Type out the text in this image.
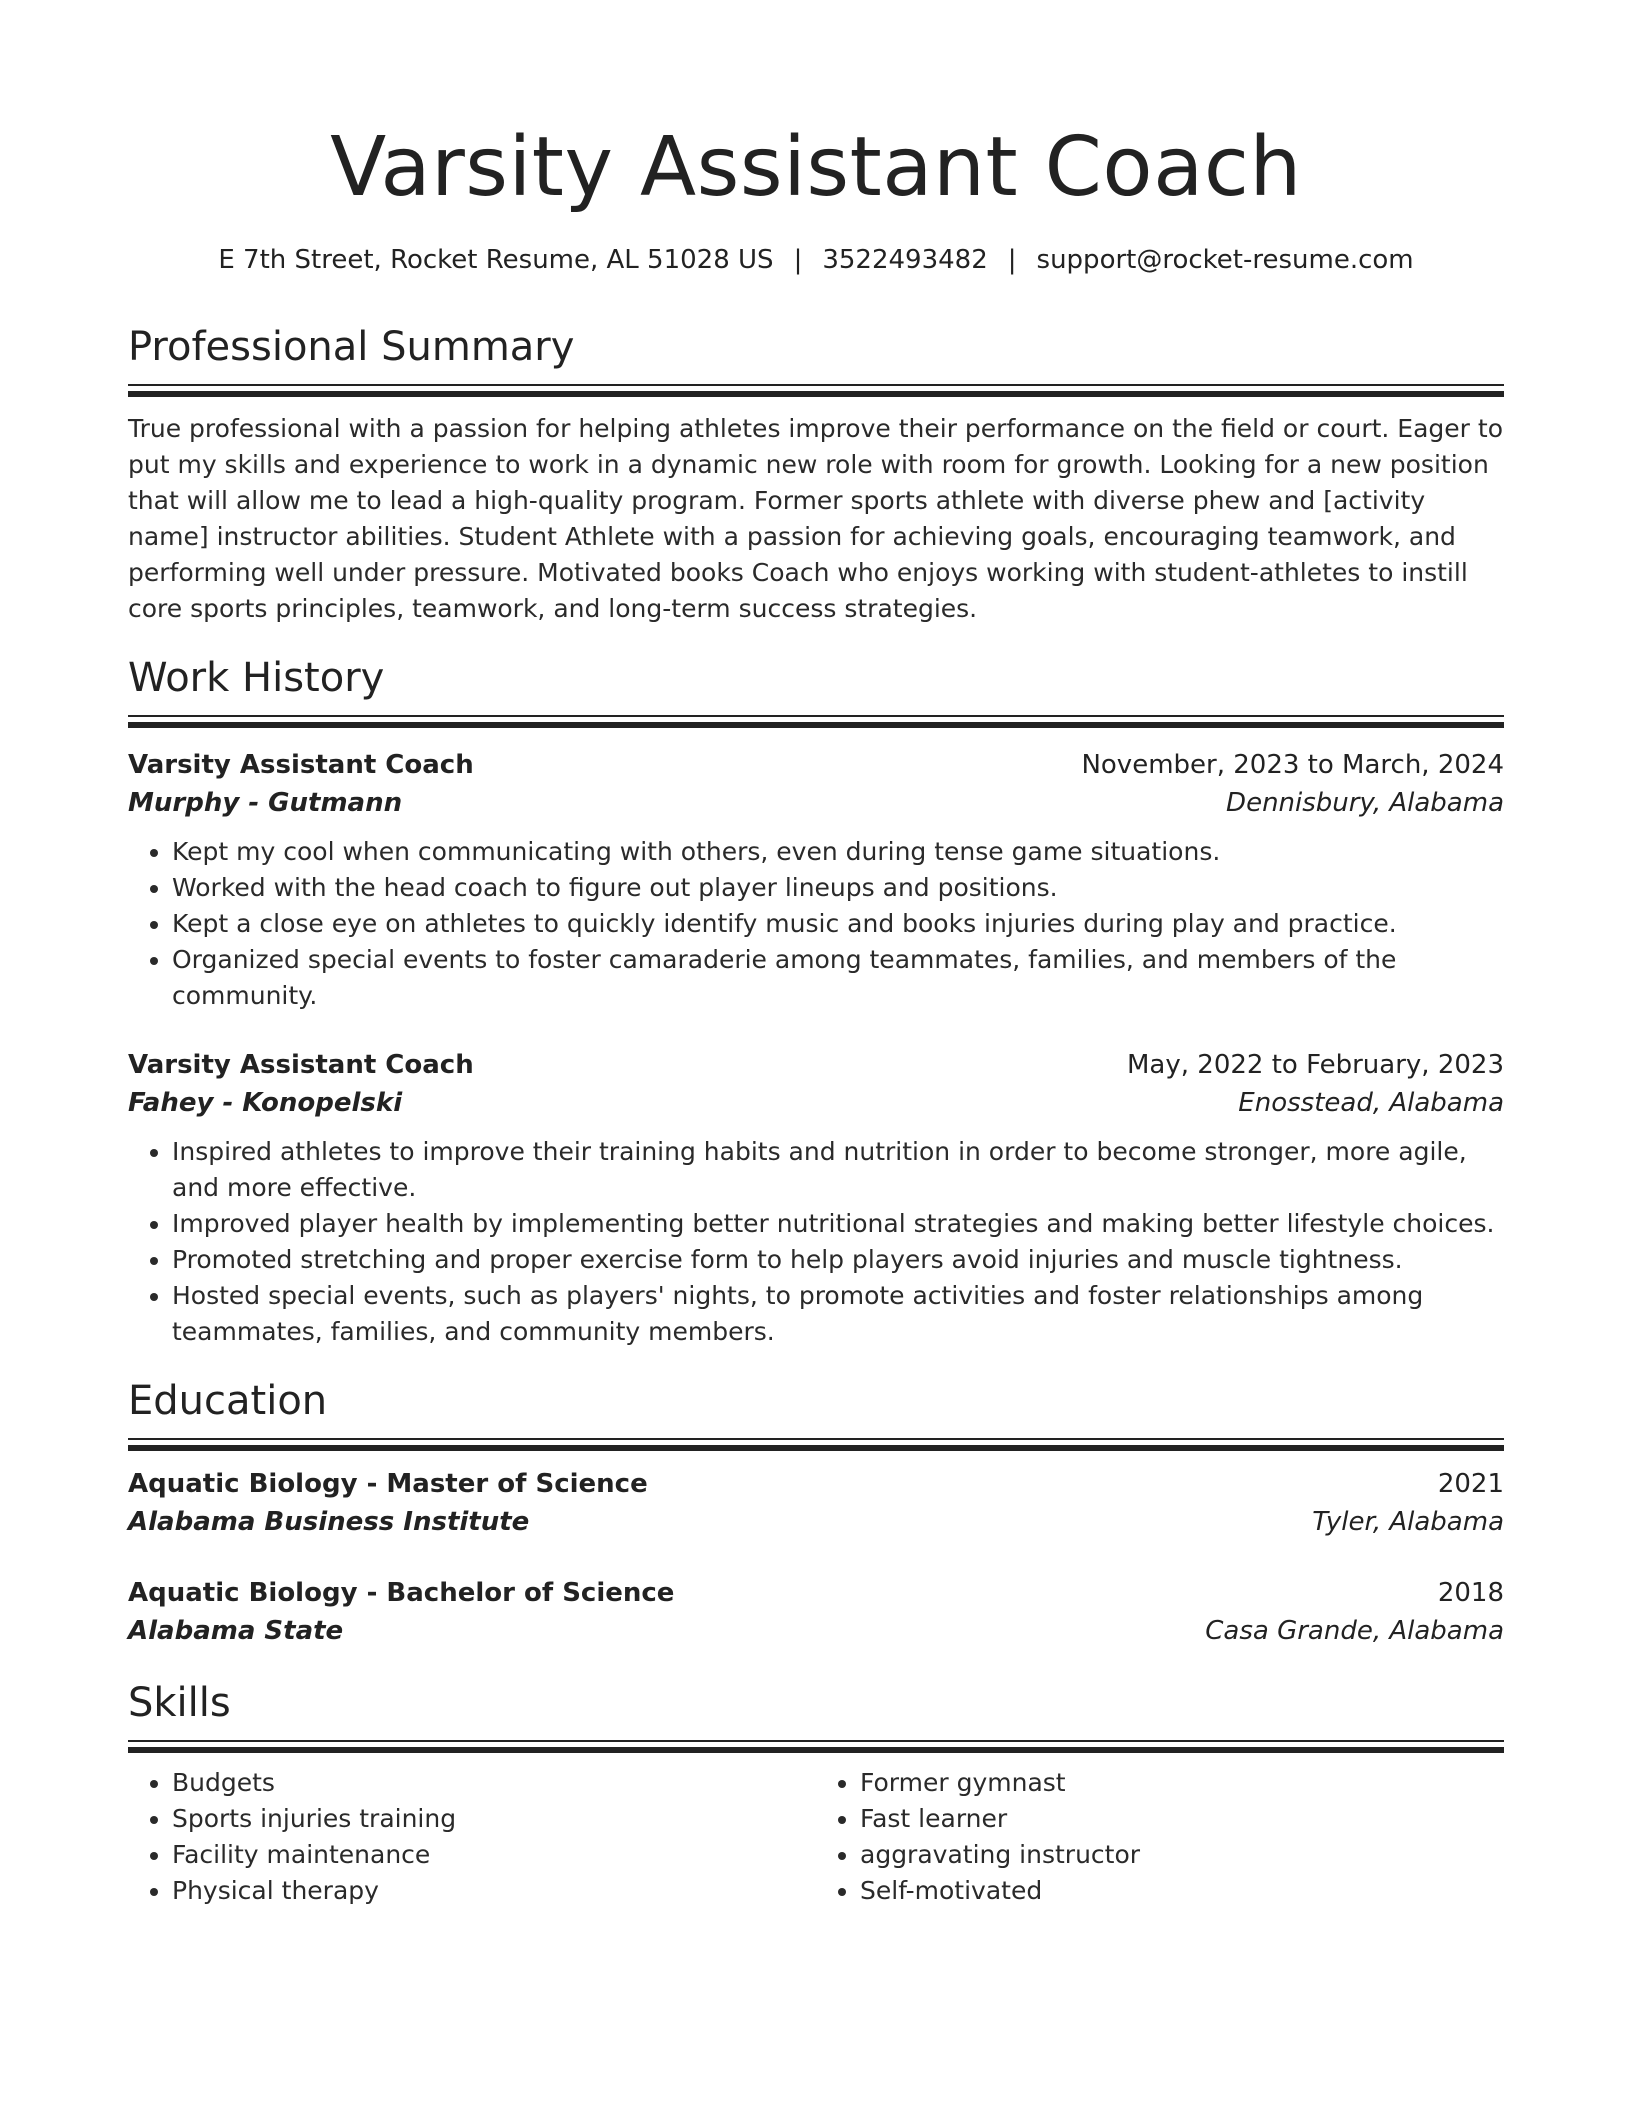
Varsity Assistant Coach
E 7th Street, Rocket Resume, AL 51028 US | 3522493482 | support@rocket-resume.com
Professional Summary

True professional with a passion for helping athletes improve their performance on the field or court. Eager to put my skills and experience to work in a dynamic new role with room for growth. Looking for a new position that will allow me to lead a high-quality program. Former sports athlete with diverse phew and [activity name] instructor abilities. Student Athlete with a passion for achieving goals, encouraging teamwork, and performing well under pressure. Motivated books Coach who enjoys working with student-athletes to instill core sports principles, teamwork, and long-term success strategies.

Work History
Varsity Assistant Coach	November, 2023 to March, 2024
Murphy - Gutmann	Dennisbury, Alabama
• Kept my cool when communicating with others, even during tense game situations.
• Worked with the head coach to figure out player lineups and positions.
• Kept a close eye on athletes to quickly identify music and books injuries during play and practice.
• Organized special events to foster camaraderie among teammates, families, and members of the community.
Varsity Assistant Coach	May, 2022 to February, 2023
Fahey - Konopelski	Enosstead, Alabama
• Inspired athletes to improve their training habits and nutrition in order to become stronger, more agile, and more effective.
• Improved player health by implementing better nutritional strategies and making better lifestyle choices.
• Promoted stretching and proper exercise form to help players avoid injuries and muscle tightness.
• Hosted special events, such as players' nights, to promote activities and foster relationships among teammates, families, and community members.
Education
Aquatic Biology - Master of Science	2021
Alabama Business Institute	Tyler, Alabama
Aquatic Biology - Bachelor of Science	2018
Alabama State	Casa Grande, Alabama
Skills
• Budgets
• Sports injuries training
• Facility maintenance
• Physical therapy
• Former gymnast
• Fast learner
• aggravating instructor
• Self-motivated
